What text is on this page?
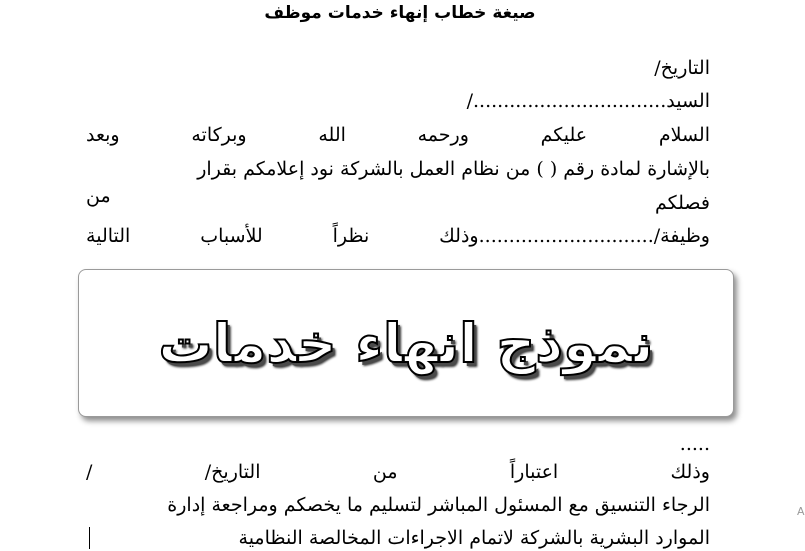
صيغة خطاب إنهاء خدمات موظف
التاريخ/
السيد................................/
السلام
عليكم
ورحمه
الله
وبركاته
وبعد
بالإشارة لمادة رقم ( ) من نظام العمل بالشركة نود إعلامكم بقرار
فصلكم
من
وظيفة/.............................وذلك
نظراً
للأسباب
التالية
نموذج انهاء خدمات
.....
وذلك
اعتباراً
من
التاريخ/
/
الرجاء التنسيق مع المسئول المباشر لتسليم ما يخصكم ومراجعة إدارة
الموارد البشرية بالشركة لاتمام الاجراءات المخالصة النظامية
A
